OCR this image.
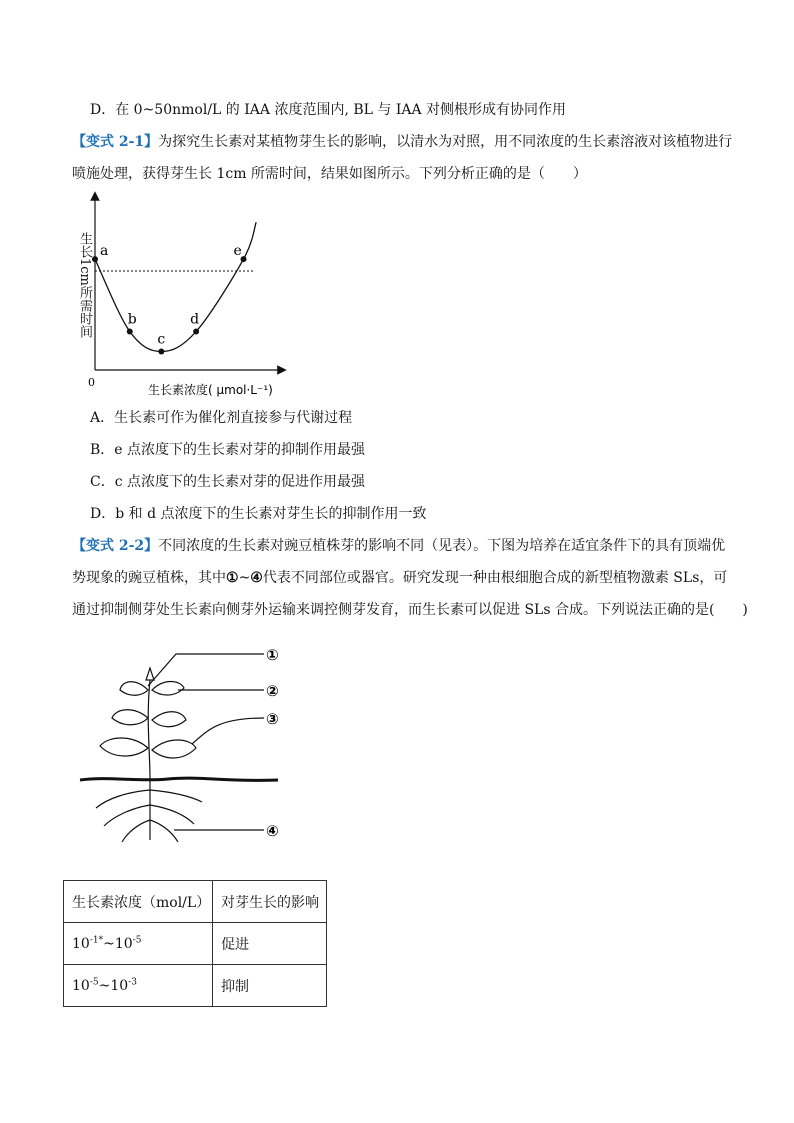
D．在 0~50nmol/L 的 IAA 浓度范围内, BL 与 IAA 对侧根形成有协同作用
【变式 2-1】为探究生长素对某植物芽生长的影响，以清水为对照，用不同浓度的生长素溶液对该植物进行
喷施处理，获得芽生长 1cm 所需时间，结果如图所示。下列分析正确的是（　　）
a
b
c
d
e
0
生长素浓度( μmol·L⁻¹)
生长1cm所需时间
A．生长素可作为催化剂直接参与代谢过程
B．e 点浓度下的生长素对芽的抑制作用最强
C．c 点浓度下的生长素对芽的促进作用最强
D．b 和 d 点浓度下的生长素对芽生长的抑制作用一致
【变式 2-2】不同浓度的生长素对豌豆植株芽的影响不同（见表）。下图为培养在适宜条件下的具有顶端优
势现象的豌豆植株，其中①~④代表不同部位或器官。研究发现一种由根细胞合成的新型植物激素 SLs，可
通过抑制侧芽处生长素向侧芽外运输来调控侧芽发育，而生长素可以促进 SLs 合成。下列说法正确的是(　　)
①
②
③
④
生长素浓度（mol/L）	对芽生长的影响
$10^{-1*}\sim 10^{-5}$	促进
$10^{-5}\sim 10^{-3}$	抑制
